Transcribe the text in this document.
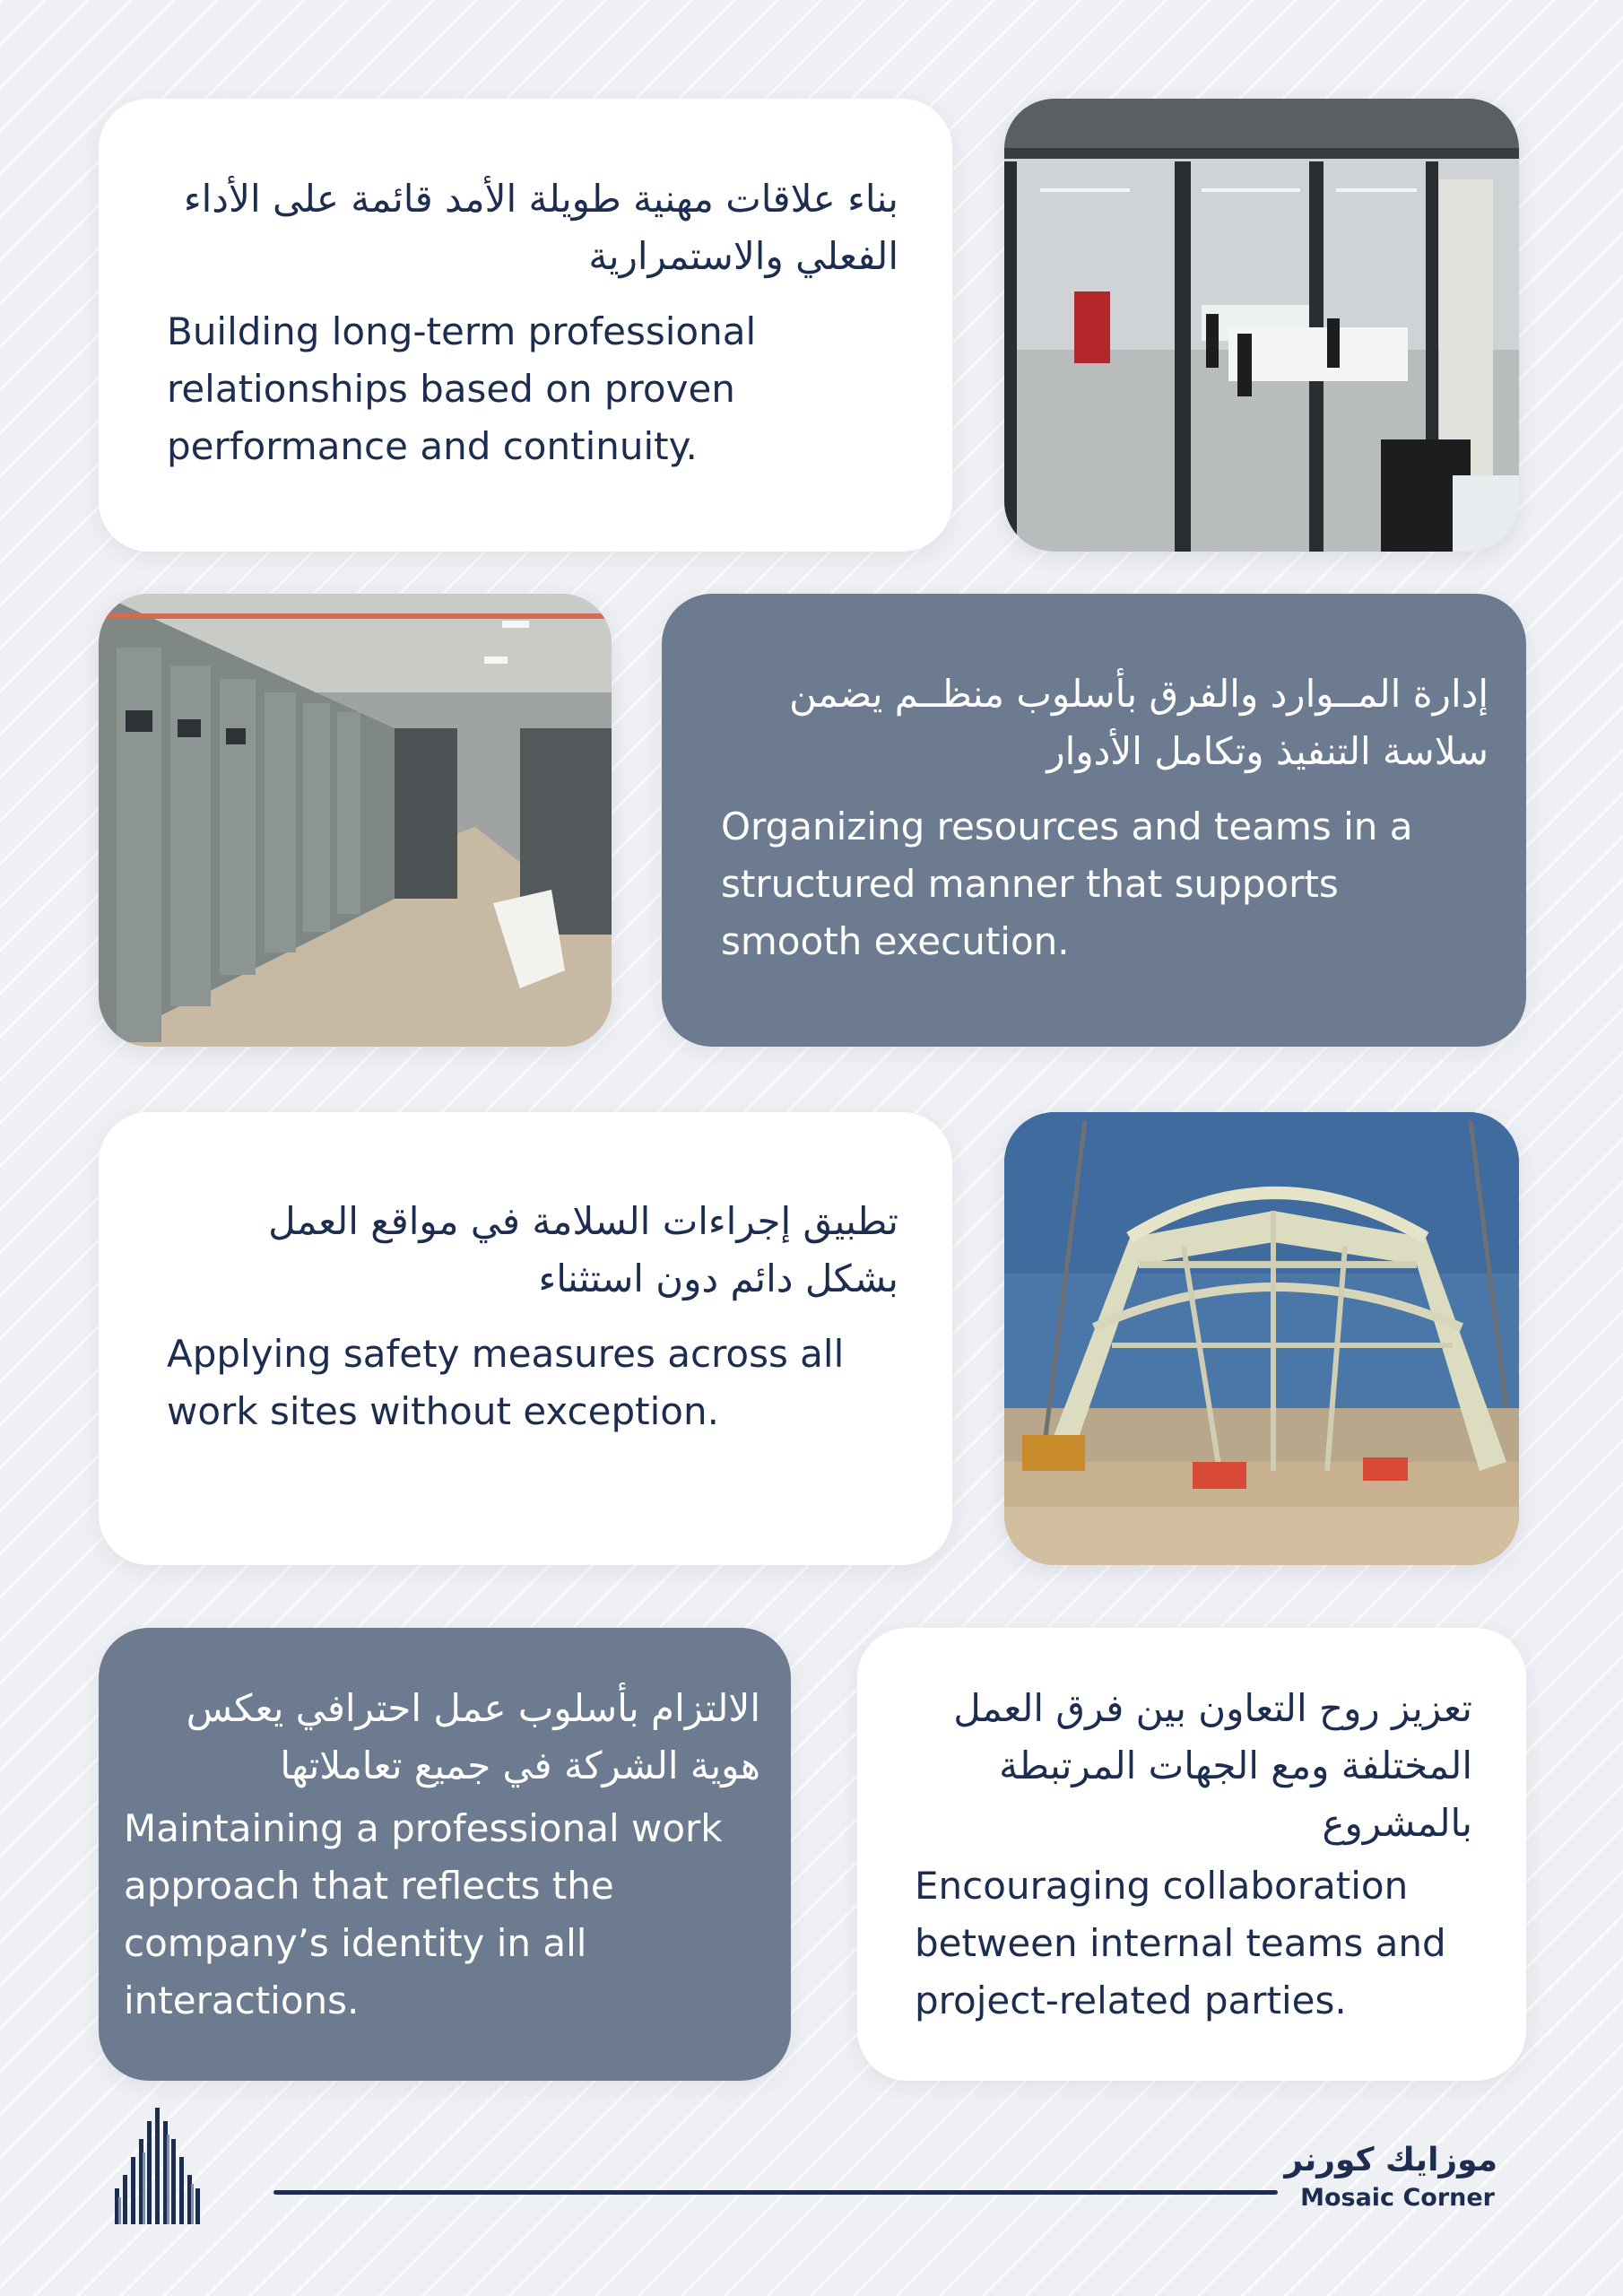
بناء علاقات مهنية طويلة الأمد قائمة على الأداء الفعلي والاستمرارية

Building long-term professional relationships based on proven performance and continuity.

إدارة المــوارد والفرق بأسلوب منظــم يضمن سلاسة التنفيذ وتكامل الأدوار

Organizing resources and teams in a structured manner that supports smooth execution.

تطبيق إجراءات السلامة في مواقع العمل بشكل دائم دون استثناء

Applying safety measures across all work sites without exception.

الالتزام بأسلوب عمل احترافي يعكس هوية الشركة في جميع تعاملاتها

Maintaining a professional work approach that reflects the company’s identity in all interactions.

تعزيز روح التعاون بين فرق العمل المختلفة ومع الجهات المرتبطة بالمشروع

Encouraging collaboration between internal teams and project-related parties.

موزايك كورنر
Mosaic Corner
